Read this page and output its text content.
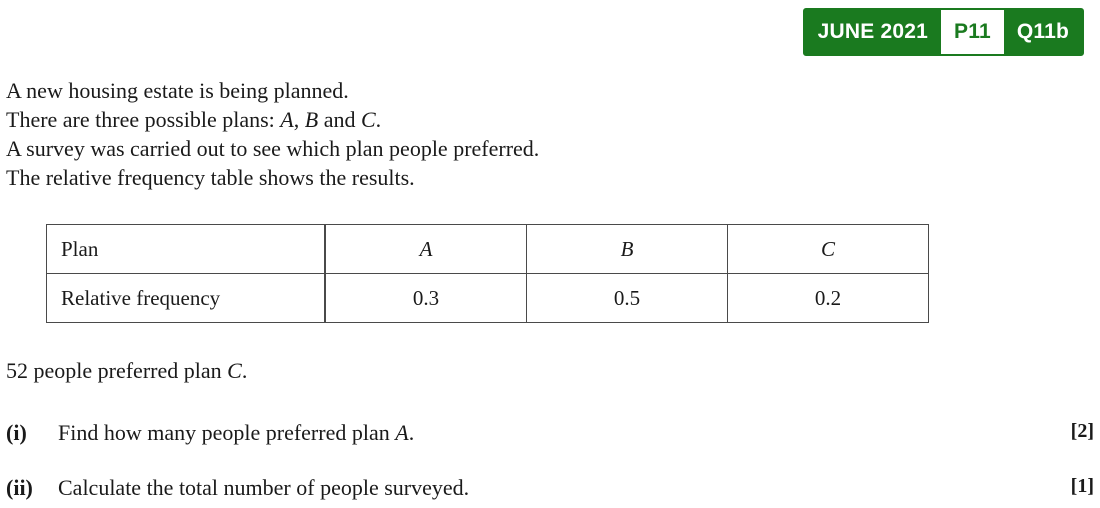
JUNE 2021	P11	Q11b
A new housing estate is being planned.
There are three possible plans: A, B and C.
A survey was carried out to see which plan people preferred.
The relative frequency table shows the results.
Plan	A	B	C
Relative frequency	0.3	0.5	0.2
52 people preferred plan C.
(i) Find how many people preferred plan A.	[2]
(ii) Calculate the total number of people surveyed.	[1]
